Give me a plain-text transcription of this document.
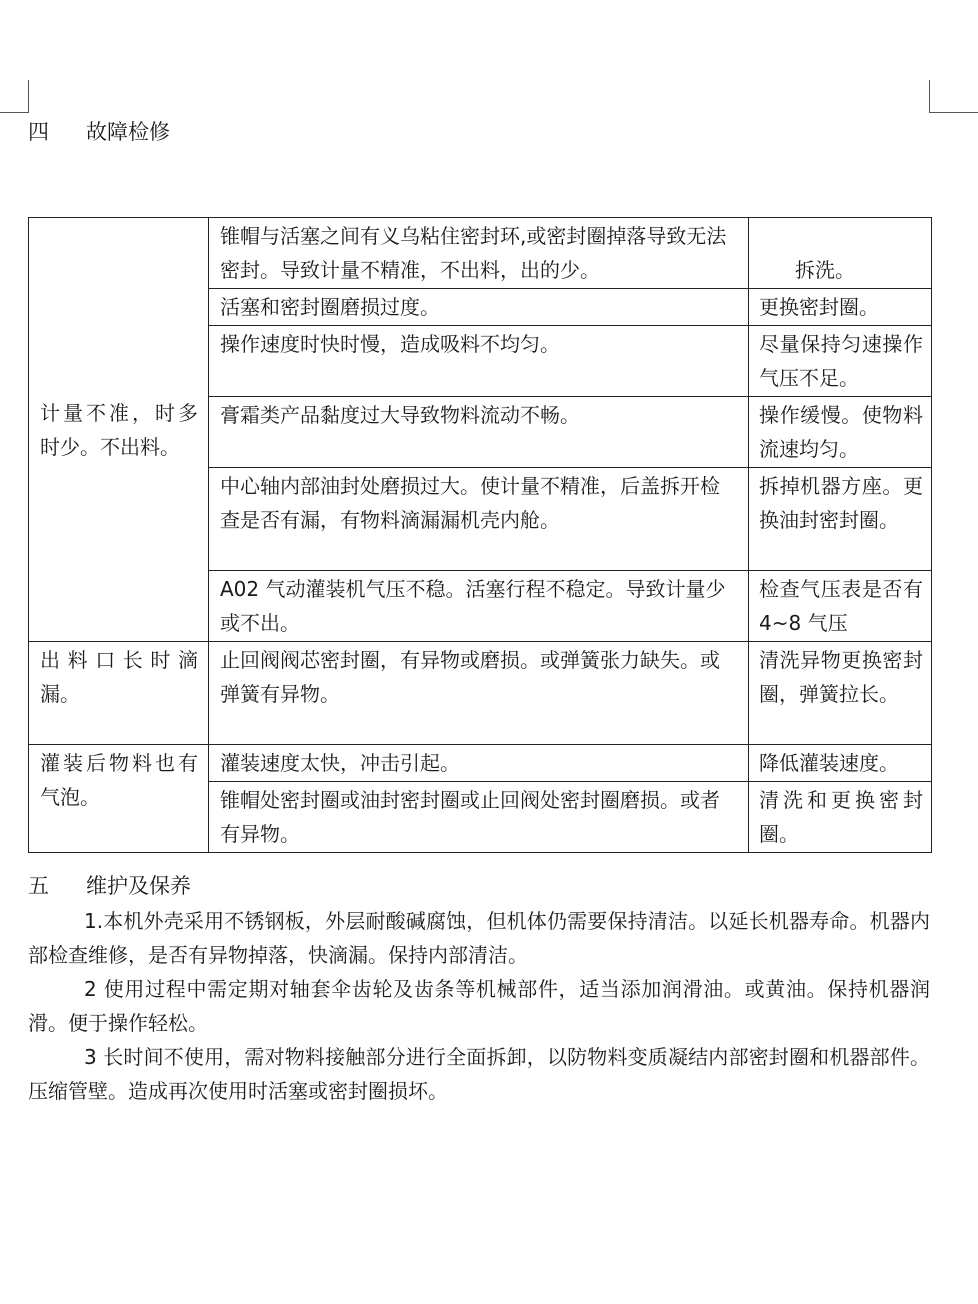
四 故障检修
计量不准，时多时少。不出料。	锥帽与活塞之间有义乌粘住密封环,或密封圈掉落导致无法密封。导致计量不精准，不出料，出的少。	拆洗。
	活塞和密封圈磨损过度。	更换密封圈。
	操作速度时快时慢，造成吸料不均匀。	尽量保持匀速操作气压不足。
	膏霜类产品黏度过大导致物料流动不畅。	操作缓慢。使物料流速均匀。
	中心轴内部油封处磨损过大。使计量不精准，后盖拆开检查是否有漏，有物料滴漏漏机壳内舱。	拆掉机器方座。更换油封密封圈。
	A02 气动灌装机气压不稳。活塞行程不稳定。导致计量少或不出。	检查气压表是否有 4~8 气压
出料口长时滴漏。	止回阀阀芯密封圈，有异物或磨损。或弹簧张力缺失。或弹簧有异物。	清洗异物更换密封圈，弹簧拉长。
灌装后物料也有气泡。	灌装速度太快，冲击引起。	降低灌装速度。
	锥帽处密封圈或油封密封圈或止回阀处密封圈磨损。或者有异物。	清洗和更换密封圈。
五 维护及保养

1.本机外壳采用不锈钢板，外层耐酸碱腐蚀，但机体仍需要保持清洁。以延长机器寿命。机器内部检查维修，是否有异物掉落，快滴漏。保持内部清洁。

2 使用过程中需定期对轴套伞齿轮及齿条等机械部件，适当添加润滑油。或黄油。保持机器润滑。便于操作轻松。

3 长时间不使用，需对物料接触部分进行全面拆卸，以防物料变质凝结内部密封圈和机器部件。压缩管壁。造成再次使用时活塞或密封圈损坏。
